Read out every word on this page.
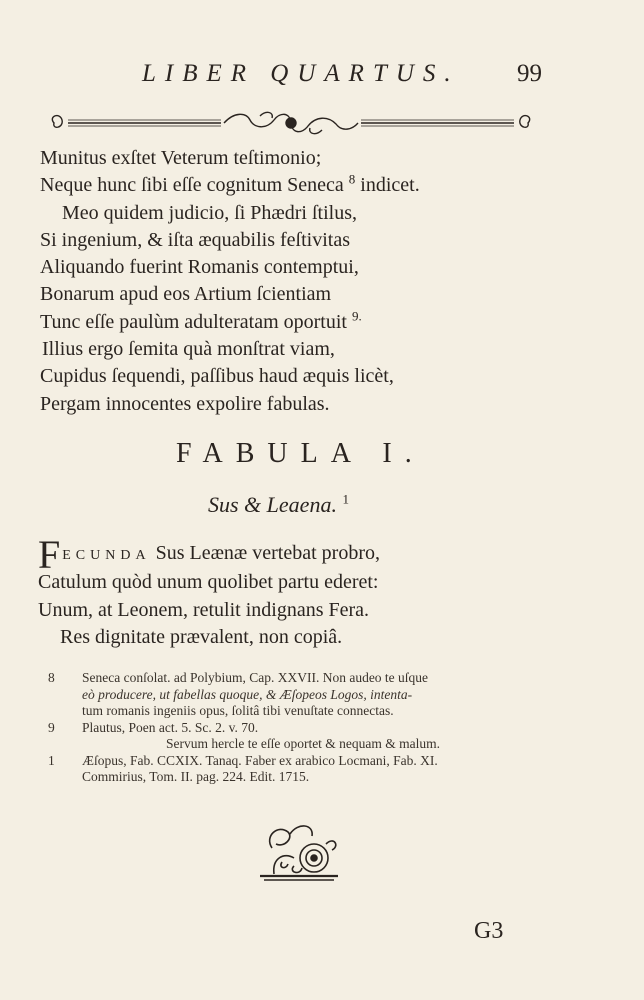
LIBER QUARTUS. 99
Munitus exſtet Veterum teſtimonio;
Neque hunc ſibi eſſe cognitum Seneca $^8$ indicet.
Meo quidem judicio, ſi Phædri ſtilus,
Si ingenium, & iſta æquabilis feſtivitas
Aliquando fuerint Romanis contemptui,
Bonarum apud eos Artium ſcientiam
Tunc eſſe paulùm adulteratam oportuit $^{9.}$
Illius ergo ſemita quà monſtrat viam,
Cupidus ſequendi, paſſibus haud æquis licèt,
Pergam innocentes expolire fabulas.
FABULA I.
Sus & Leaena. $^1$
FECUNDA Sus Leænæ vertebat probro,
Catulum quòd unum quolibet partu ederet:
Unum, at Leonem, retulit indignans Fera.
Res dignitate prævalent, non copiâ.
8 Seneca conſolat. ad Polybium, Cap. XXVII. Non audeo te uſque
eò producere, ut fabellas quoque, & Æſopeos Logos, intenta-
tum romanis ingeniis opus, ſolitâ tibi venuſtate connectas.
9 Plautus, Poen act. 5. Sc. 2. v. 70.
Servum hercle te eſſe oportet & nequam & malum.
1 Æſopus, Fab. CCXIX. Tanaq. Faber ex arabico Locmani, Fab. XI.
Commirius, Tom. II. pag. 224. Edit. 1715.
G3
